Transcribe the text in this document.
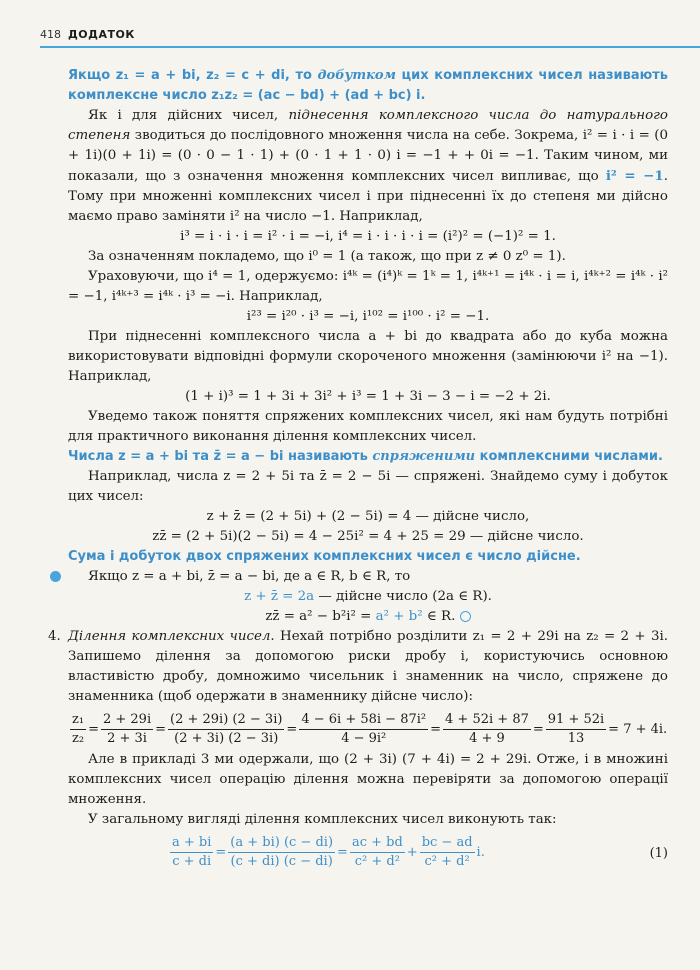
418 ДОДАТОК

Якщо z₁ = a + bi, z₂ = c + di, то добутком цих комплексних чисел називають комплексне число z₁z₂ = (ac − bd) + (ad + bc) i.

Як і для дійсних чисел, піднесення комплексного числа до натурального степеня зводиться до послідовного множення числа на себе. Зокрема, i² = i · i = (0 + 1i)(0 + 1i) = (0 · 0 − 1 · 1) + (0 · 1 + 1 · 0) i = −1 + + 0i = −1. Таким чином, ми показали, що з означення множення комплексних чисел випливає, що i² = −1. Тому при множенні комплексних чисел і при піднесенні їх до степеня ми дійсно маємо право заміняти i² на число −1. Наприклад,

i³ = i · i · i = i² · i = −i, i⁴ = i · i · i · i = (i²)² = (−1)² = 1.

За означенням покладемо, що i⁰ = 1 (а також, що при z ≠ 0 z⁰ = 1).

Ураховуючи, що i⁴ = 1, одержуємо: i⁴ᵏ = (i⁴)ᵏ = 1ᵏ = 1, i⁴ᵏ⁺¹ = i⁴ᵏ · i = i, i⁴ᵏ⁺² = i⁴ᵏ · i² = −1, i⁴ᵏ⁺³ = i⁴ᵏ · i³ = −i. Наприклад,

i²³ = i²⁰ · i³ = −i, i¹⁰² = i¹⁰⁰ · i² = −1.

При піднесенні комплексного числа a + bi до квадрата або до куба можна використовувати відповідні формули скороченого множення (замінюючи i² на −1). Наприклад,

(1 + i)³ = 1 + 3i + 3i² + i³ = 1 + 3i − 3 − i = −2 + 2i.

Уведемо також поняття спряжених комплексних чисел, які нам будуть потрібні для практичного виконання ділення комплексних чисел.

Числа z = a + bi та z̄ = a − bi називають спряженими комплексними числами.

Наприклад, числа z = 2 + 5i та z̄ = 2 − 5i — спряжені. Знайдемо суму і добуток цих чисел:

z + z̄ = (2 + 5i) + (2 − 5i) = 4 — дійсне число,

zz̄ = (2 + 5i)(2 − 5i) = 4 − 25i² = 4 + 25 = 29 — дійсне число.

Сума і добуток двох спряжених комплексних чисел є число дійсне.

Якщо z = a + bi, z̄ = a − bi, де a ∈ R, b ∈ R, то

z + z̄ = 2a — дійсне число (2a ∈ R).

zz̄ = a² − b²i² = a² + b² ∈ R.

4. Ділення комплексних чисел. Нехай потрібно розділити z₁ = 2 + 29i на z₂ = 2 + 3i. Запишемо ділення за допомогою риски дробу і, користуючись основною властивістю дробу, домножимо чисельник і знаменник на число, спряжене до знаменника (щоб одержати в знаменнику дійсне число):

$\frac{\text{z₁}}{\text{z₂}} = \frac{2 + 29i}{2 + 3i} = \frac{(2 + 29i) (2 - 3i)}{(2 + 3i) (2 - 3i)} = \frac{\text{4 − 6i + 58i − 87i²}}{\text{4 − 9i²}} = \frac{4 + 52i + 87}{4 + 9} = \frac{91 + 52i}{13} = 7 + 4i$.

Але в прикладі 3 ми одержали, що (2 + 3i) (7 + 4i) = 2 + 29i. Отже, і в множині комплексних чисел операцію ділення можна перевіряти за допомогою операції множення.

У загальному вигляді ділення комплексних чисел виконують так:

$\frac{a + bi}{c + di} = \frac{(a + bi) (c - di)}{(c + di) (c - di)} = \frac{ac + bd}{\text{c² + d²}} + \frac{bc - ad}{\text{c² + d²}} i$.	(1)
